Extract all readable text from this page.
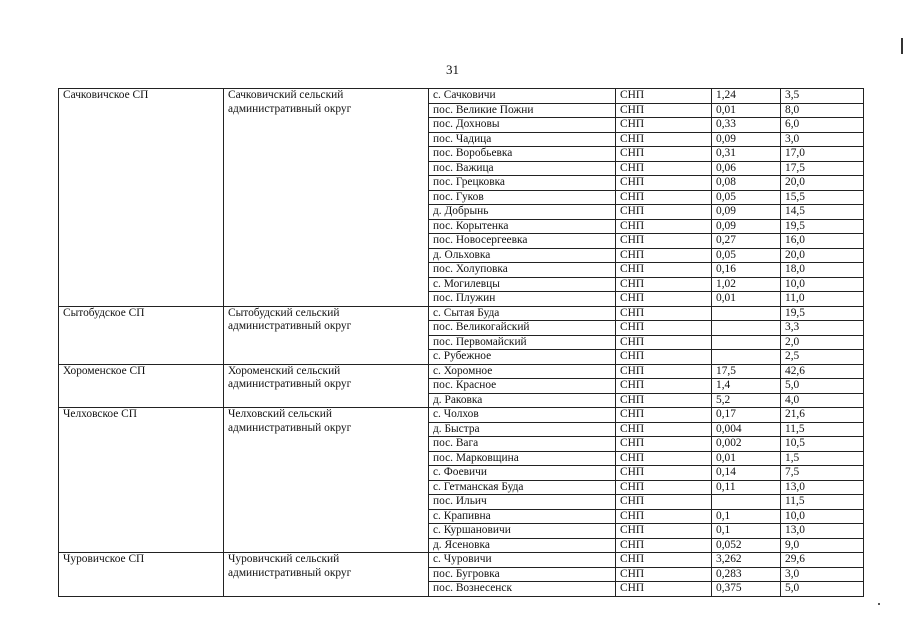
31
Сачковичское СП	Сачковичский сельский административный округ	с. Сачковичи	СНП	1,24	3,5
		пос. Великие Пожни	СНП	0,01	8,0
		пос. Дохновы	СНП	0,33	6,0
		пос. Чадица	СНП	0,09	3,0
		пос. Воробьевка	СНП	0,31	17,0
		пос. Важица	СНП	0,06	17,5
		пос. Грецковка	СНП	0,08	20,0
		пос. Гуков	СНП	0,05	15,5
		д. Добрынь	СНП	0,09	14,5
		пос. Корытенка	СНП	0,09	19,5
		пос. Новосергеевка	СНП	0,27	16,0
		д. Ольховка	СНП	0,05	20,0
		пос. Холуповка	СНП	0,16	18,0
		с. Могилевцы	СНП	1,02	10,0
		пос. Плужин	СНП	0,01	11,0
Сытобудское СП	Сытобудский сельский административный округ	с. Сытая Буда	СНП		19,5
		пос. Великогайский	СНП		3,3
		пос. Первомайский	СНП		2,0
		с. Рубежное	СНП		2,5
Хороменское СП	Хороменский сельский административный округ	с. Хоромное	СНП	17,5	42,6
		пос. Красное	СНП	1,4	5,0
		д. Раковка	СНП	5,2	4,0
Челховское СП	Челховский сельский административный округ	с. Чолхов	СНП	0,17	21,6
		д. Быстра	СНП	0,004	11,5
		пос. Вага	СНП	0,002	10,5
		пос. Марковщина	СНП	0,01	1,5
		с. Фоевичи	СНП	0,14	7,5
		с. Гетманская Буда	СНП	0,11	13,0
		пос. Ильич	СНП		11,5
		с. Крапивна	СНП	0,1	10,0
		с. Куршановичи	СНП	0,1	13,0
		д. Ясеновка	СНП	0,052	9,0
Чуровичское СП	Чуровичский сельский административный округ	с. Чуровичи	СНП	3,262	29,6
		пос. Бугровка	СНП	0,283	3,0
		пос. Вознесенск	СНП	0,375	5,0
